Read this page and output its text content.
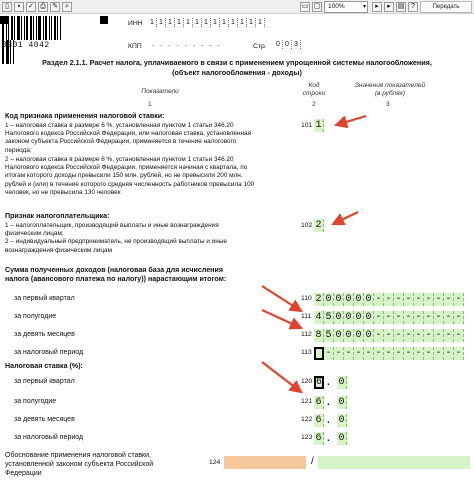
▯	▪	✓ ⎙ ✎	⌕	▭ ▢	100%	▾	▸	▸ ▤ ?	Передать
0301 4042
ИНН 1 1 1 1 1 1 1 1 1 1 1 1 1
КПП - - - - - - - - -	Стр. 0 0 3
Раздел 2.1.1. Расчет налога, уплачиваемого в связи с применением упрощенной системы налогообложения,
(объект налогообложения - доходы)
Показатели
Код
строки
Значения показателей
(в рублях)
1	2	3
Код признака применения налоговой ставки:
1 – налоговая ставка в размере 6 %, установленная пунктом 1 статьи 346.20
Налогового кодекса Российской Федерации, или налоговая ставка, установленная
законом субъекта Российской Федерации, применяется в течение налогового
периода;
2 – налоговая ставка в размере 8 %, установленная пунктом 1 статьи 346.20
Налогового кодекса Российской Федерации, применяется начиная с квартала, по
итогам которого доходы превысили 150 млн. рублей, но не превысили 200 млн.
рублей и (или) в течение которого средняя численность работников превысила 100
человек, но не превысила 130 человек
101 1
Признак налогоплательщика:
1 – налогоплательщик, производящий выплаты и иные вознаграждения
физическим лицам;
2 – индивидуальный предприниматель, не производящий выплаты и иные
вознаграждения физическим лицам
102 2
Сумма полученных доходов (налоговая база для исчисления
налога (авансового платежа по налогу)) нарастающим итогом:
за первый квартал	110 2 0 0 0 0 0 - - - - - - - - -
за полугодие	111 4 5 0 0 0 0 - - - - - - - - -
за девять месяцев	112 8 5 0 0 0 0 - - - - - - - - -
за налоговый период	113 - - - - - - - - - - - - - -
Налоговая ставка (%):
за первый квартал	120 6 . 0
за полугодие	121 6 . 0
за девять месяцев	122 6 . 0
за налоговый период	123 6 . 0
Обоснование применения налоговой ставки,
установленной законом субъекта Российской
Федерации
124	/
